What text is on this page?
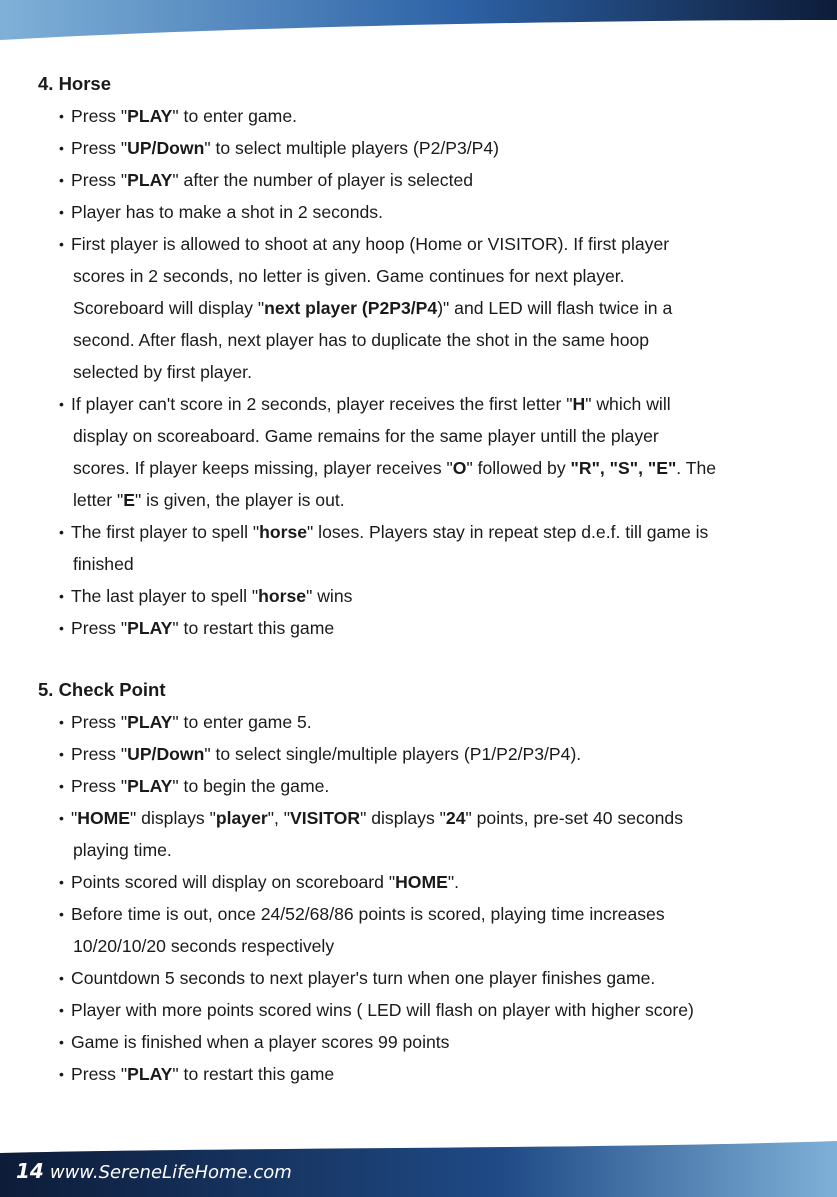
4. Horse
• Press "PLAY" to enter game.
• Press "UP/Down" to select multiple players (P2/P3/P4)
• Press "PLAY" after the number of player is selected
• Player has to make a shot in 2 seconds.
• First player is allowed to shoot at any hoop (Home or VISITOR). If first player
scores in 2 seconds, no letter is given. Game continues for next player.
Scoreboard will display "next player (P2P3/P4)" and LED will flash twice in a
second. After flash, next player has to duplicate the shot in the same hoop
selected by first player.
• If player can't score in 2 seconds, player receives the first letter "H" which will
display on scoreaboard. Game remains for the same player untill the player
scores. If player keeps missing, player receives "O" followed by "R", "S", "E". The
letter "E" is given, the player is out.
• The first player to spell "horse" loses. Players stay in repeat step d.e.f. till game is
finished
• The last player to spell "horse" wins
• Press "PLAY" to restart this game
5. Check Point
• Press "PLAY" to enter game 5.
• Press "UP/Down" to select single/multiple players (P1/P2/P3/P4).
• Press "PLAY" to begin the game.
• "HOME" displays "player", "VISITOR" displays "24" points, pre-set 40 seconds
playing time.
• Points scored will display on scoreboard "HOME".
• Before time is out, once 24/52/68/86 points is scored, playing time increases
10/20/10/20 seconds respectively
• Countdown 5 seconds to next player's turn when one player finishes game.
• Player with more points scored wins ( LED will flash on player with higher score)
• Game is finished when a player scores 99 points
• Press "PLAY" to restart this game
14 www.SereneLifeHome.com
